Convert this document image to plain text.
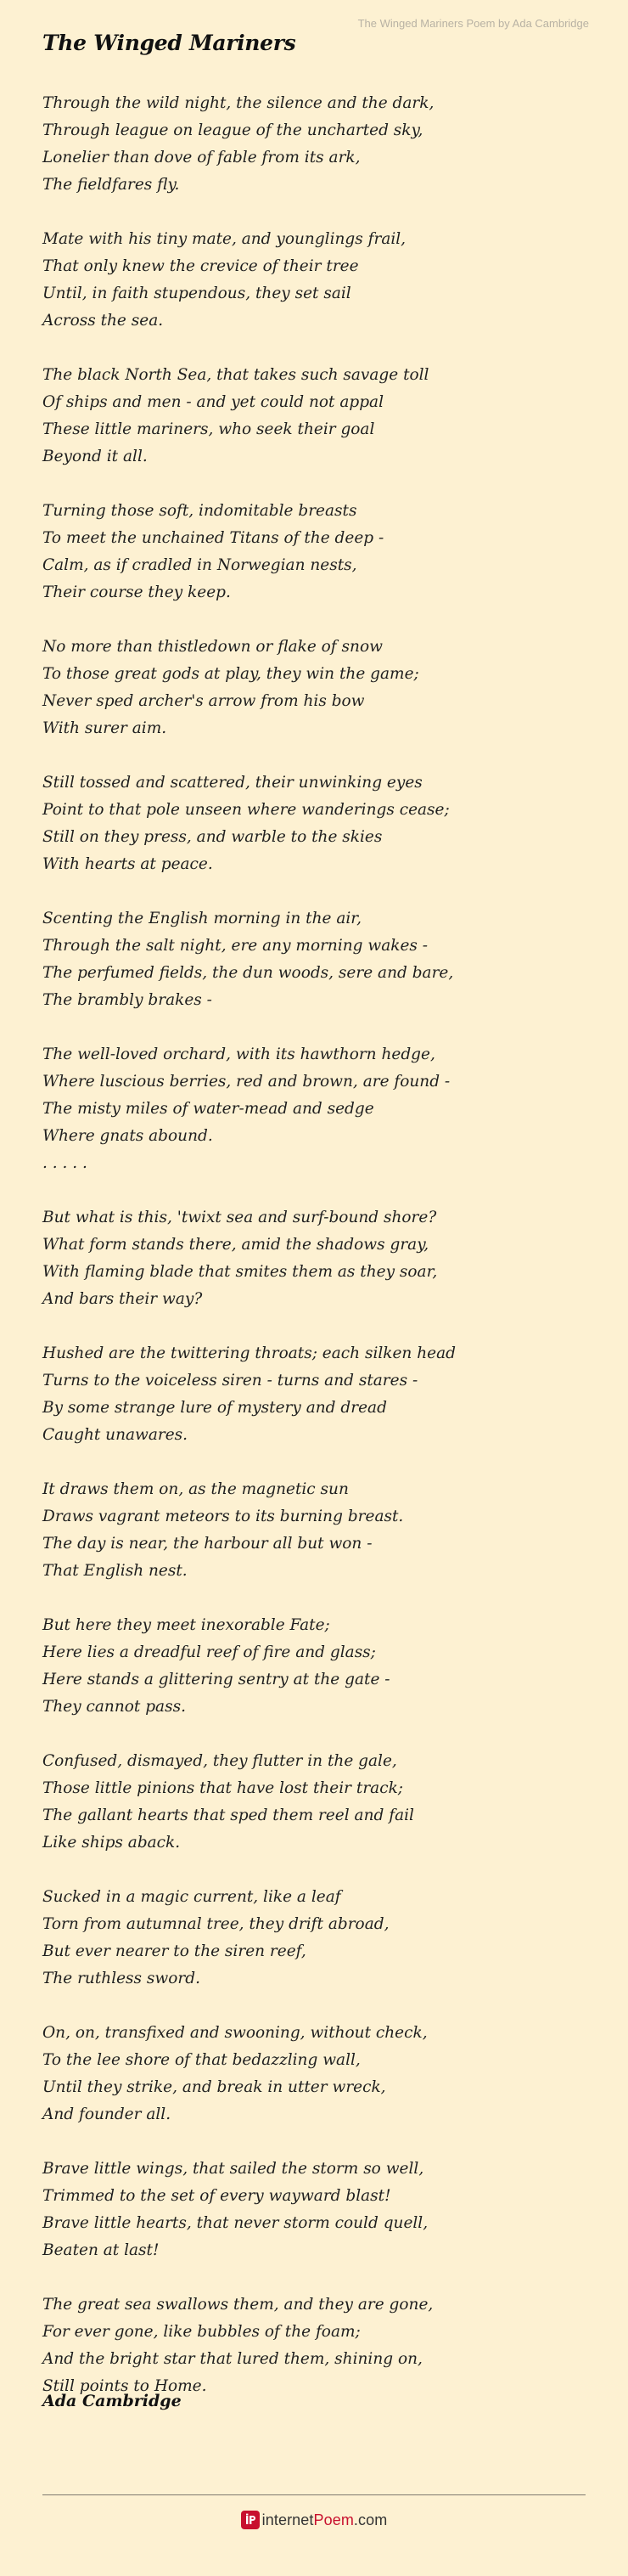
The Winged Mariners Poem by Ada Cambridge
The Winged Mariners
Through the wild night, the silence and the dark,
Through league on league of the uncharted sky,
Lonelier than dove of fable from its ark,
The fieldfares fly.
Mate with his tiny mate, and younglings frail,
That only knew the crevice of their tree
Until, in faith stupendous, they set sail
Across the sea.
The black North Sea, that takes such savage toll
Of ships and men - and yet could not appal
These little mariners, who seek their goal
Beyond it all.
Turning those soft, indomitable breasts
To meet the unchained Titans of the deep -
Calm, as if cradled in Norwegian nests,
Their course they keep.
No more than thistledown or flake of snow
To those great gods at play, they win the game;
Never sped archer's arrow from his bow
With surer aim.
Still tossed and scattered, their unwinking eyes
Point to that pole unseen where wanderings cease;
Still on they press, and warble to the skies
With hearts at peace.
Scenting the English morning in the air,
Through the salt night, ere any morning wakes -
The perfumed fields, the dun woods, sere and bare,
The brambly brakes -
The well-loved orchard, with its hawthorn hedge,
Where luscious berries, red and brown, are found -
The misty miles of water-mead and sedge
Where gnats abound.
. . . . .
But what is this, 'twixt sea and surf-bound shore?
What form stands there, amid the shadows gray,
With flaming blade that smites them as they soar,
And bars their way?
Hushed are the twittering throats; each silken head
Turns to the voiceless siren - turns and stares -
By some strange lure of mystery and dread
Caught unawares.
It draws them on, as the magnetic sun
Draws vagrant meteors to its burning breast.
The day is near, the harbour all but won -
That English nest.
But here they meet inexorable Fate;
Here lies a dreadful reef of fire and glass;
Here stands a glittering sentry at the gate -
They cannot pass.
Confused, dismayed, they flutter in the gale,
Those little pinions that have lost their track;
The gallant hearts that sped them reel and fail
Like ships aback.
Sucked in a magic current, like a leaf
Torn from autumnal tree, they drift abroad,
But ever nearer to the siren reef,
The ruthless sword.
On, on, transfixed and swooning, without check,
To the lee shore of that bedazzling wall,
Until they strike, and break in utter wreck,
And founder all.
Brave little wings, that sailed the storm so well,
Trimmed to the set of every wayward blast!
Brave little hearts, that never storm could quell,
Beaten at last!
The great sea swallows them, and they are gone,
For ever gone, like bubbles of the foam;
And the bright star that lured them, shining on,
Still points to Home.
Ada Cambridge
internetPoem.com
